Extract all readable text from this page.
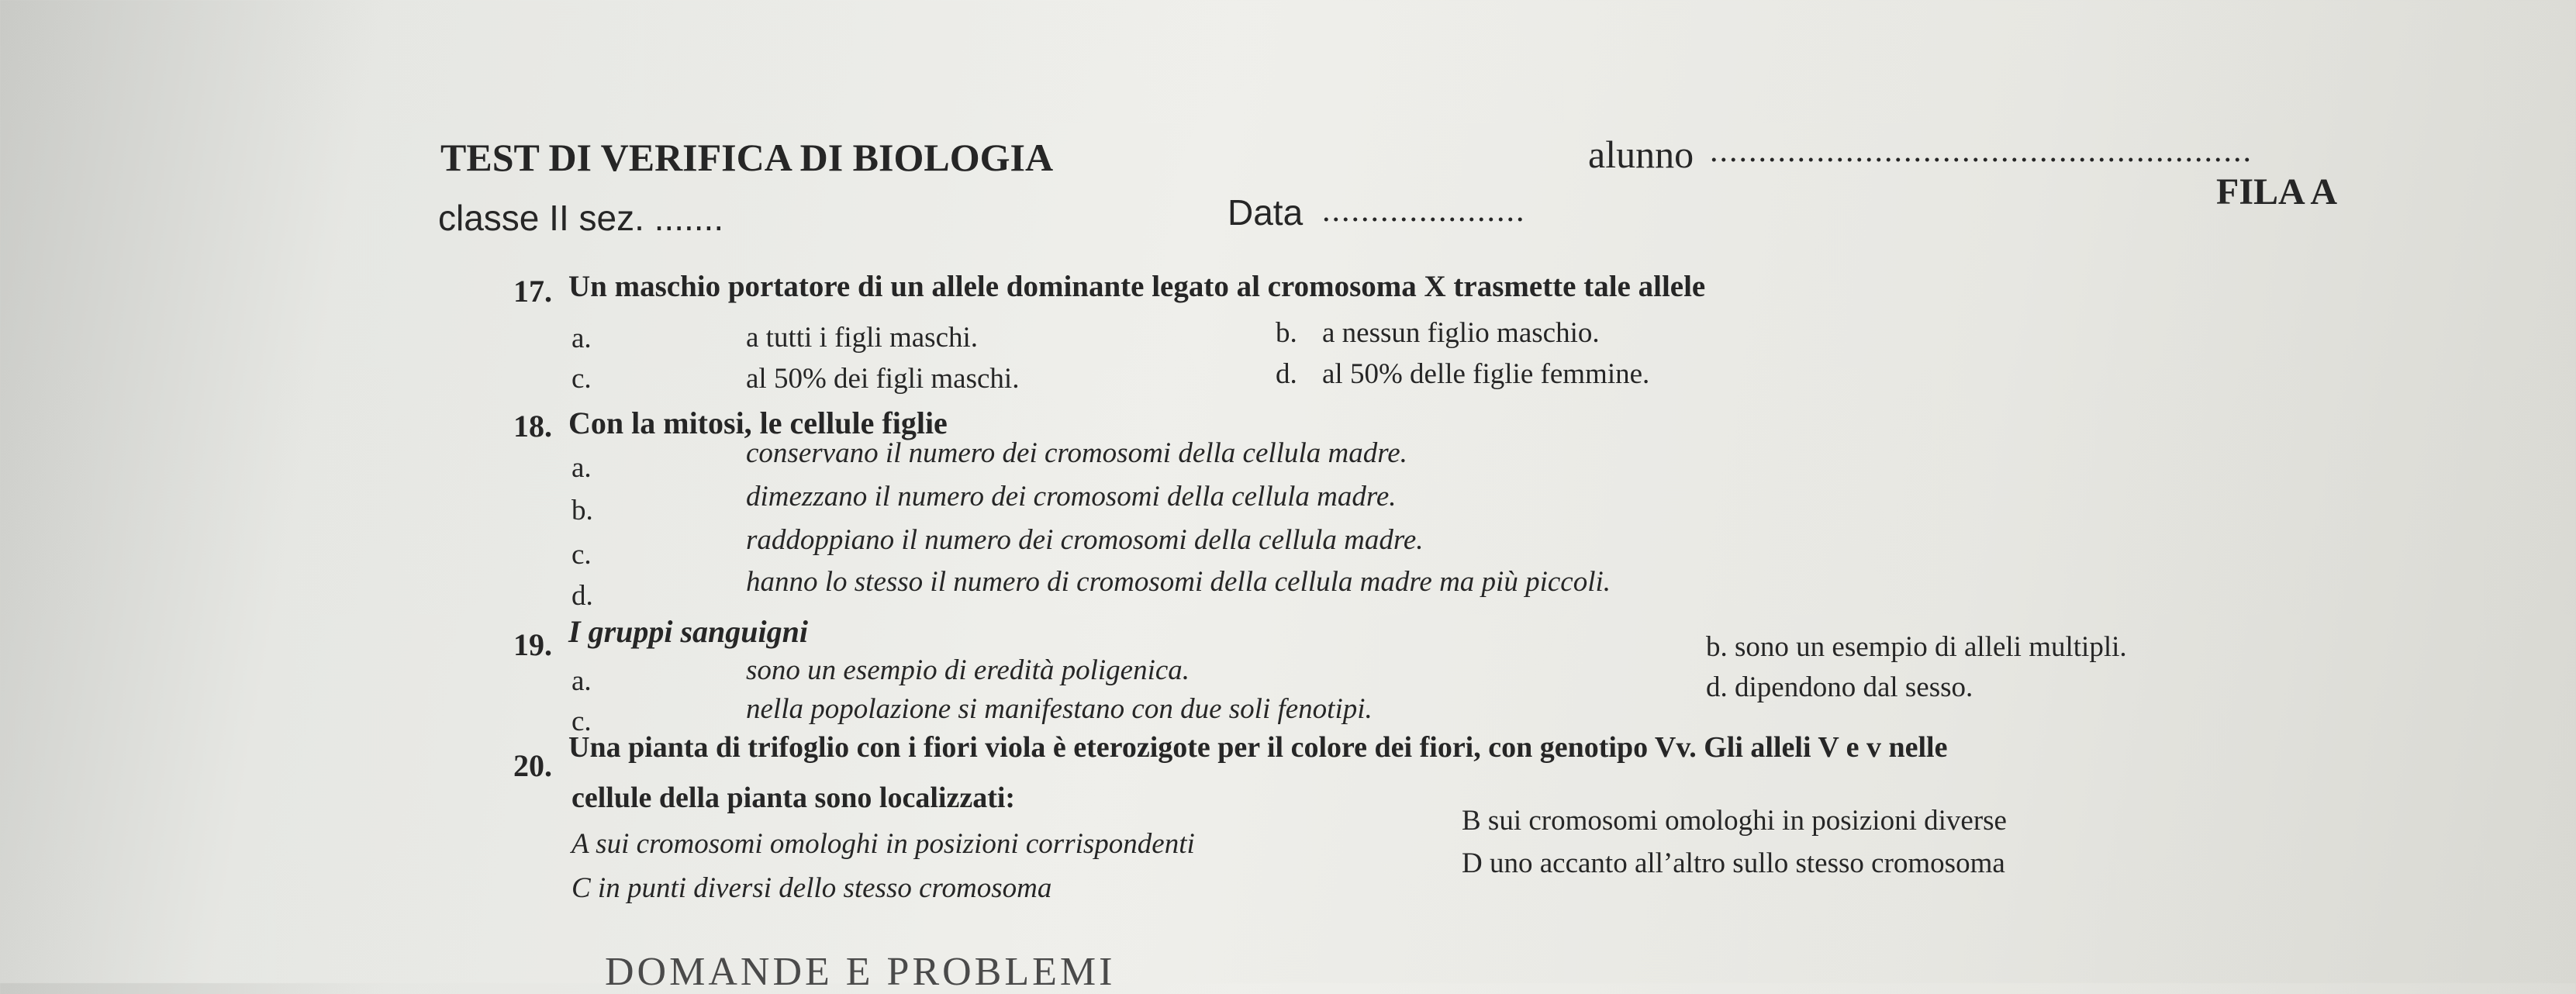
TEST DI VERIFICA DI BIOLOGIA	alunno ........................................................
classe II sez. .......	Data .....................	FILA A
17. Un maschio portatore di un allele dominante legato al cromosoma X trasmette tale allele
a.	a tutti i figli maschi.	b. a nessun figlio maschio.
c.	al 50% dei figli maschi.	d. al 50% delle figlie femmine.
18. Con la mitosi, le cellule figlie
a.	conservano il numero dei cromosomi della cellula madre.
b.	dimezzano il numero dei cromosomi della cellula madre.
c.	raddoppiano il numero dei cromosomi della cellula madre.
d.	hanno lo stesso il numero di cromosomi della cellula madre ma più piccoli.
19. I gruppi sanguigni
a.	sono un esempio di eredità poligenica.
b. sono un esempio di alleli multipli.
c.	nella popolazione si manifestano con due soli fenotipi.
d. dipendono dal sesso.
20.
Una pianta di trifoglio con i fiori viola è eterozigote per il colore dei fiori, con genotipo Vv. Gli alleli V e v nelle
cellule della pianta sono localizzati:
A sui cromosomi omologhi in posizioni corrispondenti
B sui cromosomi omologhi in posizioni diverse
C in punti diversi dello stesso cromosoma
D uno accanto all’altro sullo stesso cromosoma
DOMANDE E PROBLEMI
